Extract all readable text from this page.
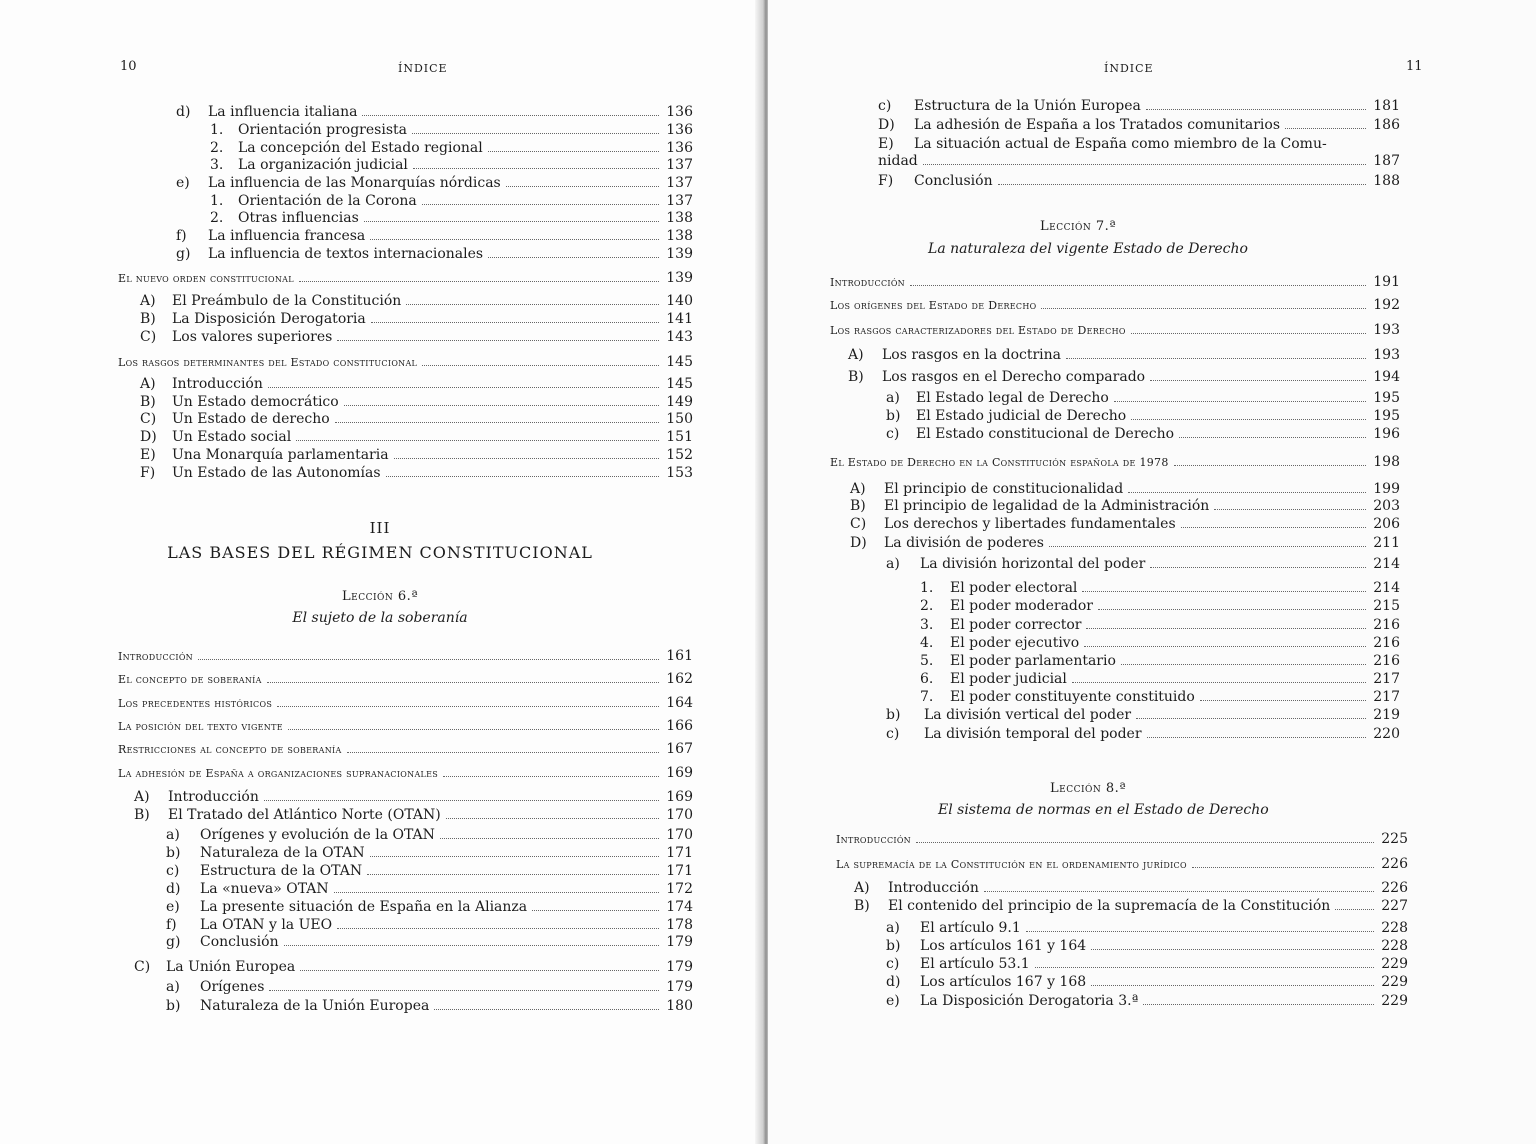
10	ÍNDICE
d)	La influencia italiana	136
1.	Orientación progresista	136
2.	La concepción del Estado regional	136
3.	La organización judicial	137
e)	La influencia de las Monarquías nórdicas	137
1.	Orientación de la Corona	137
2.	Otras influencias	138
f)	La influencia francesa	138
g)	La influencia de textos internacionales	139
El nuevo orden constitucional	139
A)	El Preámbulo de la Constitución	140
B)	La Disposición Derogatoria	141
C)	Los valores superiores	143
Los rasgos determinantes del Estado constitucional	145
A)	Introducción	145
B)	Un Estado democrático	149
C)	Un Estado de derecho	150
D)	Un Estado social	151
E)	Una Monarquía parlamentaria	152
F)	Un Estado de las Autonomías	153
III
LAS BASES DEL RÉGIMEN CONSTITUCIONAL
Lección 6.ª
El sujeto de la soberanía
Introducción	161
El concepto de soberanía	162
Los precedentes históricos	164
La posición del texto vigente	166
Restricciones al concepto de soberanía	167
La adhesión de España a organizaciones supranacionales	169
A)	Introducción	169
B)	El Tratado del Atlántico Norte (OTAN)	170
a)	Orígenes y evolución de la OTAN	170
b)	Naturaleza de la OTAN	171
c)	Estructura de la OTAN	171
d)	La «nueva» OTAN	172
e)	La presente situación de España en la Alianza	174
f)	La OTAN y la UEO	178
g)	Conclusión	179
C)	La Unión Europea	179
a)	Orígenes	179
b)	Naturaleza de la Unión Europea	180
ÍNDICE	11
c)	Estructura de la Unión Europea	181
D)	La adhesión de España a los Tratados comunitarios	186
E)	La situación actual de España como miembro de la Comu-
nidad	187
F)	Conclusión	188
Lección 7.ª
La naturaleza del vigente Estado de Derecho
Introducción	191
Los orígenes del Estado de Derecho	192
Los rasgos caracterizadores del Estado de Derecho	193
A)	Los rasgos en la doctrina	193
B)	Los rasgos en el Derecho comparado	194
a)	El Estado legal de Derecho	195
b)	El Estado judicial de Derecho	195
c)	El Estado constitucional de Derecho	196
El Estado de Derecho en la Constitución española de 1978	198
A)	El principio de constitucionalidad	199
B)	El principio de legalidad de la Administración	203
C)	Los derechos y libertades fundamentales	206
D)	La división de poderes	211
a)	La división horizontal del poder	214
1.	El poder electoral	214
2.	El poder moderador	215
3.	El poder corrector	216
4.	El poder ejecutivo	216
5.	El poder parlamentario	216
6.	El poder judicial	217
7.	El poder constituyente constituido	217
b)	La división vertical del poder	219
c)	La división temporal del poder	220
Lección 8.ª
El sistema de normas en el Estado de Derecho
Introducción	225
La supremacía de la Constitución en el ordenamiento jurídico	226
A)	Introducción	226
B)	El contenido del principio de la supremacía de la Constitución	227
a)	El artículo 9.1	228
b)	Los artículos 161 y 164	228
c)	El artículo 53.1	229
d)	Los artículos 167 y 168	229
e)	La Disposición Derogatoria 3.ª	229
